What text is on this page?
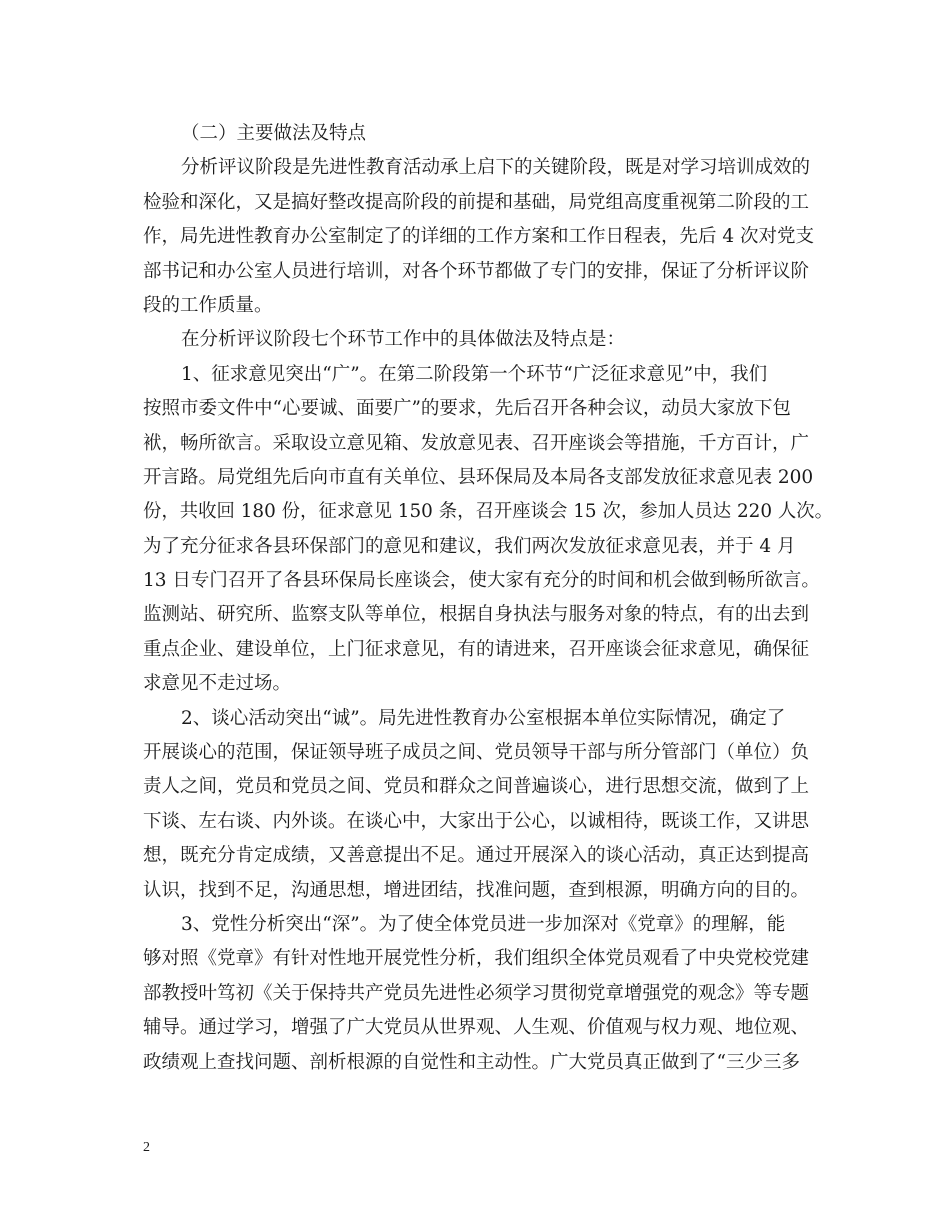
（二）主要做法及特点
分析评议阶段是先进性教育活动承上启下的关键阶段，既是对学习培训成效的
检验和深化，又是搞好整改提高阶段的前提和基础，局党组高度重视第二阶段的工
作，局先进性教育办公室制定了的详细的工作方案和工作日程表，先后 4 次对党支
部书记和办公室人员进行培训，对各个环节都做了专门的安排，保证了分析评议阶
段的工作质量。
在分析评议阶段七个环节工作中的具体做法及特点是：
1、征求意见突出“广”。在第二阶段第一个环节“广泛征求意见”中，我们
按照市委文件中“心要诚、面要广”的要求，先后召开各种会议，动员大家放下包
袱，畅所欲言。采取设立意见箱、发放意见表、召开座谈会等措施，千方百计，广
开言路。局党组先后向市直有关单位、县环保局及本局各支部发放征求意见表 200
份，共收回 180 份，征求意见 150 条，召开座谈会 15 次，参加人员达 220 人次。
为了充分征求各县环保部门的意见和建议，我们两次发放征求意见表，并于 4 月
13 日专门召开了各县环保局长座谈会，使大家有充分的时间和机会做到畅所欲言。
监测站、研究所、监察支队等单位，根据自身执法与服务对象的特点，有的出去到
重点企业、建设单位，上门征求意见，有的请进来，召开座谈会征求意见，确保征
求意见不走过场。
2、谈心活动突出“诚”。局先进性教育办公室根据本单位实际情况，确定了
开展谈心的范围，保证领导班子成员之间、党员领导干部与所分管部门（单位）负
责人之间，党员和党员之间、党员和群众之间普遍谈心，进行思想交流，做到了上
下谈、左右谈、内外谈。在谈心中，大家出于公心，以诚相待，既谈工作，又讲思
想，既充分肯定成绩，又善意提出不足。通过开展深入的谈心活动，真正达到提高
认识，找到不足，沟通思想，增进团结，找准问题，查到根源，明确方向的目的。
3、党性分析突出“深”。为了使全体党员进一步加深对《党章》的理解，能
够对照《党章》有针对性地开展党性分析，我们组织全体党员观看了中央党校党建
部教授叶笃初《关于保持共产党员先进性必须学习贯彻党章增强党的观念》等专题
辅导。通过学习，增强了广大党员从世界观、人生观、价值观与权力观、地位观、
政绩观上查找问题、剖析根源的自觉性和主动性。广大党员真正做到了“三少三多
2
